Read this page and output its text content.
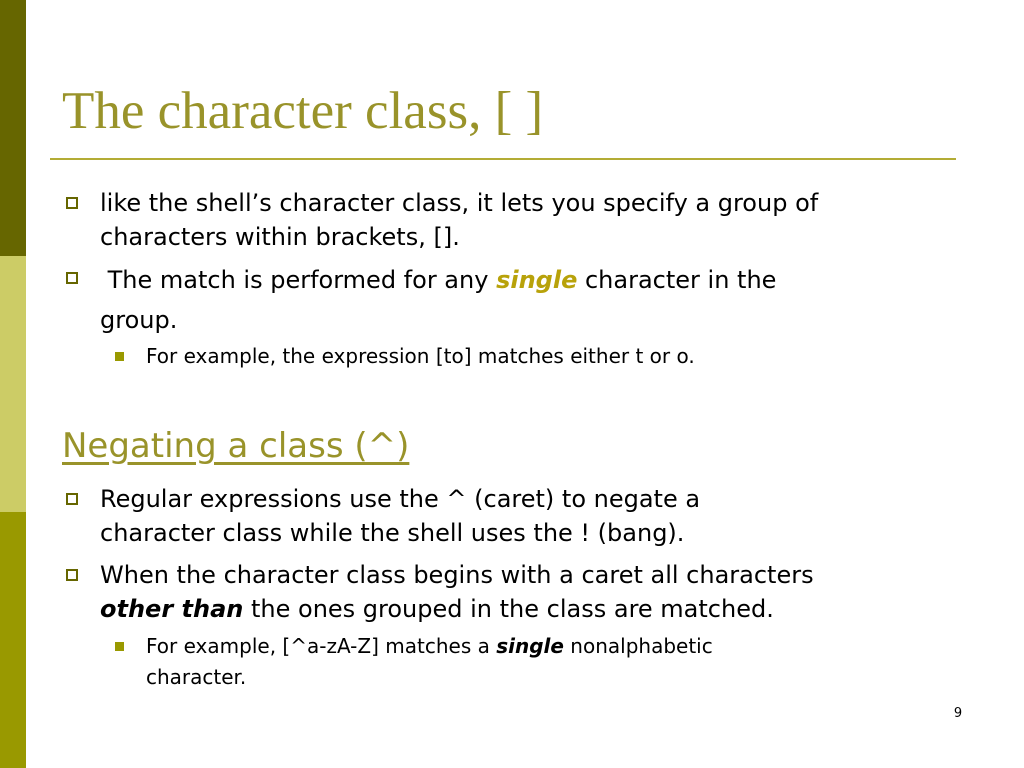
The character class, [ ]
like the shell’s character class, it lets you specify a group of
characters within brackets, [].
The match is performed for any single character in the
group.
For example, the expression [to] matches either t or o.
Negating a class (^)
Regular expressions use the ^ (caret) to negate a
character class while the shell uses the ! (bang).
When the character class begins with a caret all characters
other than the ones grouped in the class are matched.
For example, [^a-zA-Z] matches a single nonalphabetic
character.
9
